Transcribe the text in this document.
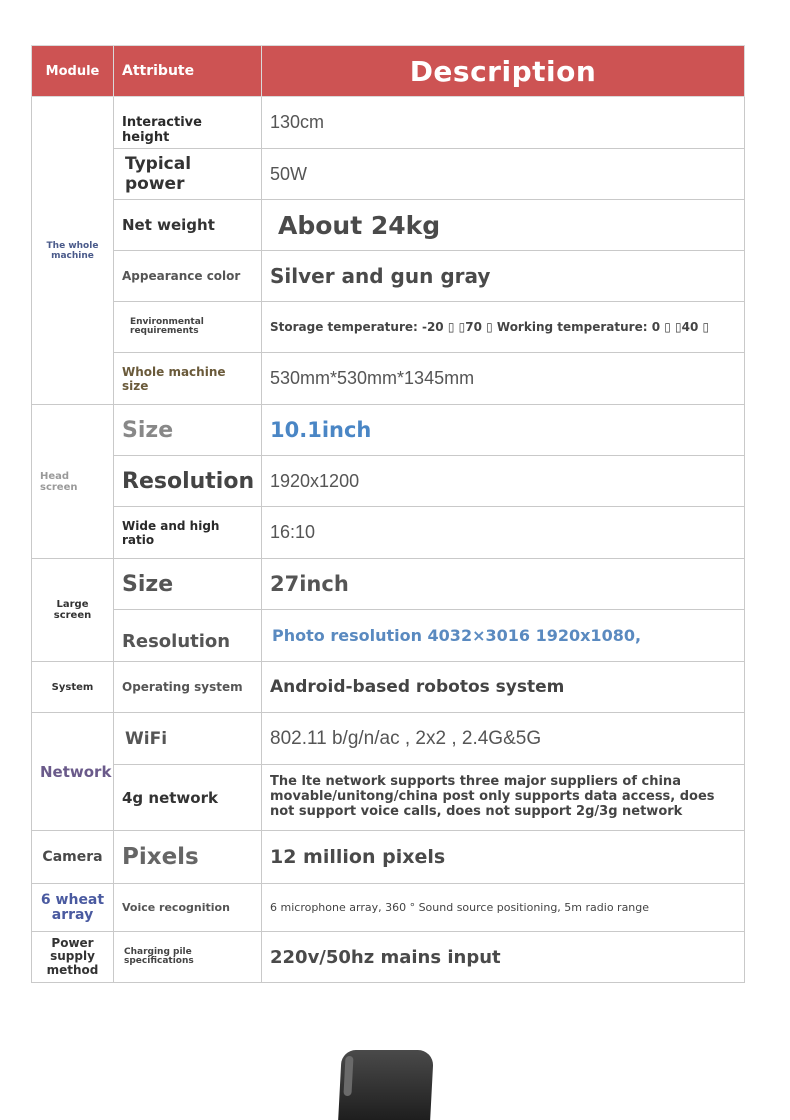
Module	Attribute	Description
The whole machine	Interactive height	130cm
	Typical power	50W
	Net weight	About 24kg
	Appearance color	Silver and gun gray
	Environmental requirements	Storage temperature: -20 ▯ ▯70 ▯ Working temperature: 0 ▯ ▯40 ▯
	Whole machine size	530mm*530mm*1345mm
Head screen	Size	10.1inch
	Resolution	1920x1200
	Wide and high ratio	16:10
Large screen	Size	27inch
	Resolution	Photo resolution 4032×3016 1920x1080,
System	Operating system	Android-based robotos system
Network	WiFi	802.11 b/g/n/ac , 2x2 , 2.4G&5G
	4g network	The lte network supports three major suppliers of china movable/unitong/china post only supports data access, does not support voice calls, does not support 2g/3g network
Camera	Pixels	12 million pixels
6 wheat array	Voice recognition	6 microphone array, 360 ° Sound source positioning, 5m radio range
Power supply method	Charging pile specifications	220v/50hz mains input
